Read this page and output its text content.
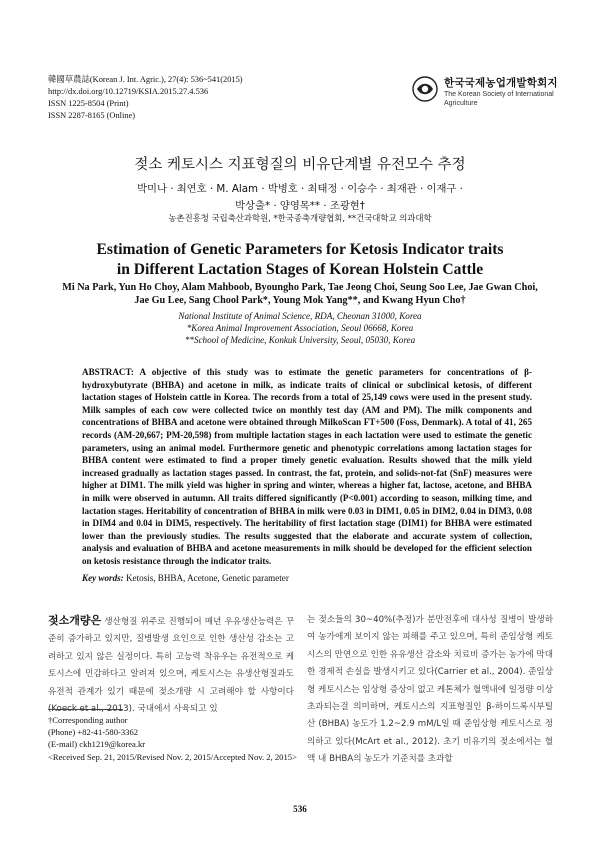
韓國草農誌(Korean J. Int. Agric.), 27(4): 536~541(2015)
http://dx.doi.org/10.12719/KSIA.2015.27.4.536
ISSN 1225-8504 (Print)
ISSN 2287-8165 (Online)
한국국제농업개발학회지
The Korean Society of International
Agriculture
젖소 케토시스 지표형질의 비유단계별 유전모수 추정
박미나 · 최연호 · M. Alam · 박병호 · 최태정 · 이승수 · 최재관 · 이재구 ·
박상출* · 양영목** · 조광현†
농촌진흥청 국립축산과학원, *한국종축개량협회, **건국대학교 의과대학
Estimation of Genetic Parameters for Ketosis Indicator traits
in Different Lactation Stages of Korean Holstein Cattle
Mi Na Park, Yun Ho Choy, Alam Mahboob, Byoungho Park, Tae Jeong Choi, Seung Soo Lee, Jae Gwan Choi,
Jae Gu Lee, Sang Chool Park*, Young Mok Yang**, and Kwang Hyun Cho†
National Institute of Animal Science, RDA, Cheonan 31000, Korea
*Korea Animal Improvement Association, Seoul 06668, Korea
**School of Medicine, Konkuk University, Seoul, 05030, Korea
ABSTRACT: A objective of this study was to estimate the genetic parameters for concentrations of β-hydroxybutyrate (BHBA) and acetone in milk, as indicate traits of clinical or subclinical ketosis, of different lactation stages of Holstein cattle in Korea. The records from a total of 25,149 cows were used in the present study. Milk samples of each cow were collected twice on monthly test day (AM and PM). The milk components and concentrations of BHBA and acetone were obtained through MilkoScan FT+500 (Foss, Denmark). A total of 41, 265 records (AM-20,667; PM-20,598) from multiple lactation stages in each lactation were used to estimate the genetic parameters, using an animal model. Furthermore genetic and phenotypic correlations among lactation stages for BHBA content were estimated to find a proper timely genetic evaluation. Results showed that the milk yield increased gradually as lactation stages passed. In contrast, the fat, protein, and solids-not-fat (SnF) measures were higher at DIM1. The milk yield was higher in spring and winter, whereas a higher fat, lactose, acetone, and BHBA in milk were observed in autumn. All traits differed significantly (P<0.001) according to season, milking time, and lactation stages. Heritability of concentration of BHBA in milk were 0.03 in DIM1, 0.05 in DIM2, 0.04 in DIM3, 0.08 in DIM4 and 0.04 in DIM5, respectively. The heritability of first lactation stage (DIM1) for BHBA were estimated lower than the previously studies. The results suggested that the elaborate and accurate system of collection, analysis and evaluation of BHBA and acetone measurements in milk should be developed for the efficient selection on ketosis resistance through the indicator traits.
Key words: Ketosis, BHBA, Acetone, Genetic parameter
젖소개량은 생산형질 위주로 진행되어 매년 우유생산능력은 꾸준히 증가하고 있지만, 질병발생 요인으로 인한 생산성 감소는 고려하고 있지 않은 실정이다. 특히 고능력 착유우는 유전적으로 케토시스에 민감하다고 알려져 있으며, 케토시스는 유생산형질과도 유전적 관계가 있기 때문에 젖소개량 시 고려해야 할 사항이다(Koeck et al., 2013). 국내에서 사육되고 있
는 젖소들의 30~40%(추정)가 분만전후에 대사성 질병이 발생하여 농가에게 보이지 않는 피해를 주고 있으며, 특히 준임상형 케토시스의 만연으로 인한 유유생산 감소와 치료비 증가는 농가에 막대한 경제적 손실을 발생시키고 있다(Carrier et al., 2004). 준임상형 케토시스는 임상형 증상이 없고 케톤체가 혈액내에 일정량 이상 초과되는걸 의미하며, 케토시스의 지표형질인 β-하이드록시부틸산 (BHBA) 농도가 1.2~2.9 mM/L일 때 준임상형 케토시스로 정의하고 있다(McArt et al., 2012). 초기 비유기의 젖소에서는 혈액 내 BHBA의 농도가 기준치를 초과할
†Corresponding author
(Phone) +82-41-580-3362
(E-mail) ckh1219@korea.kr
<Received Sep. 21, 2015/Revised Nov. 2, 2015/Accepted Nov. 2, 2015>
536
